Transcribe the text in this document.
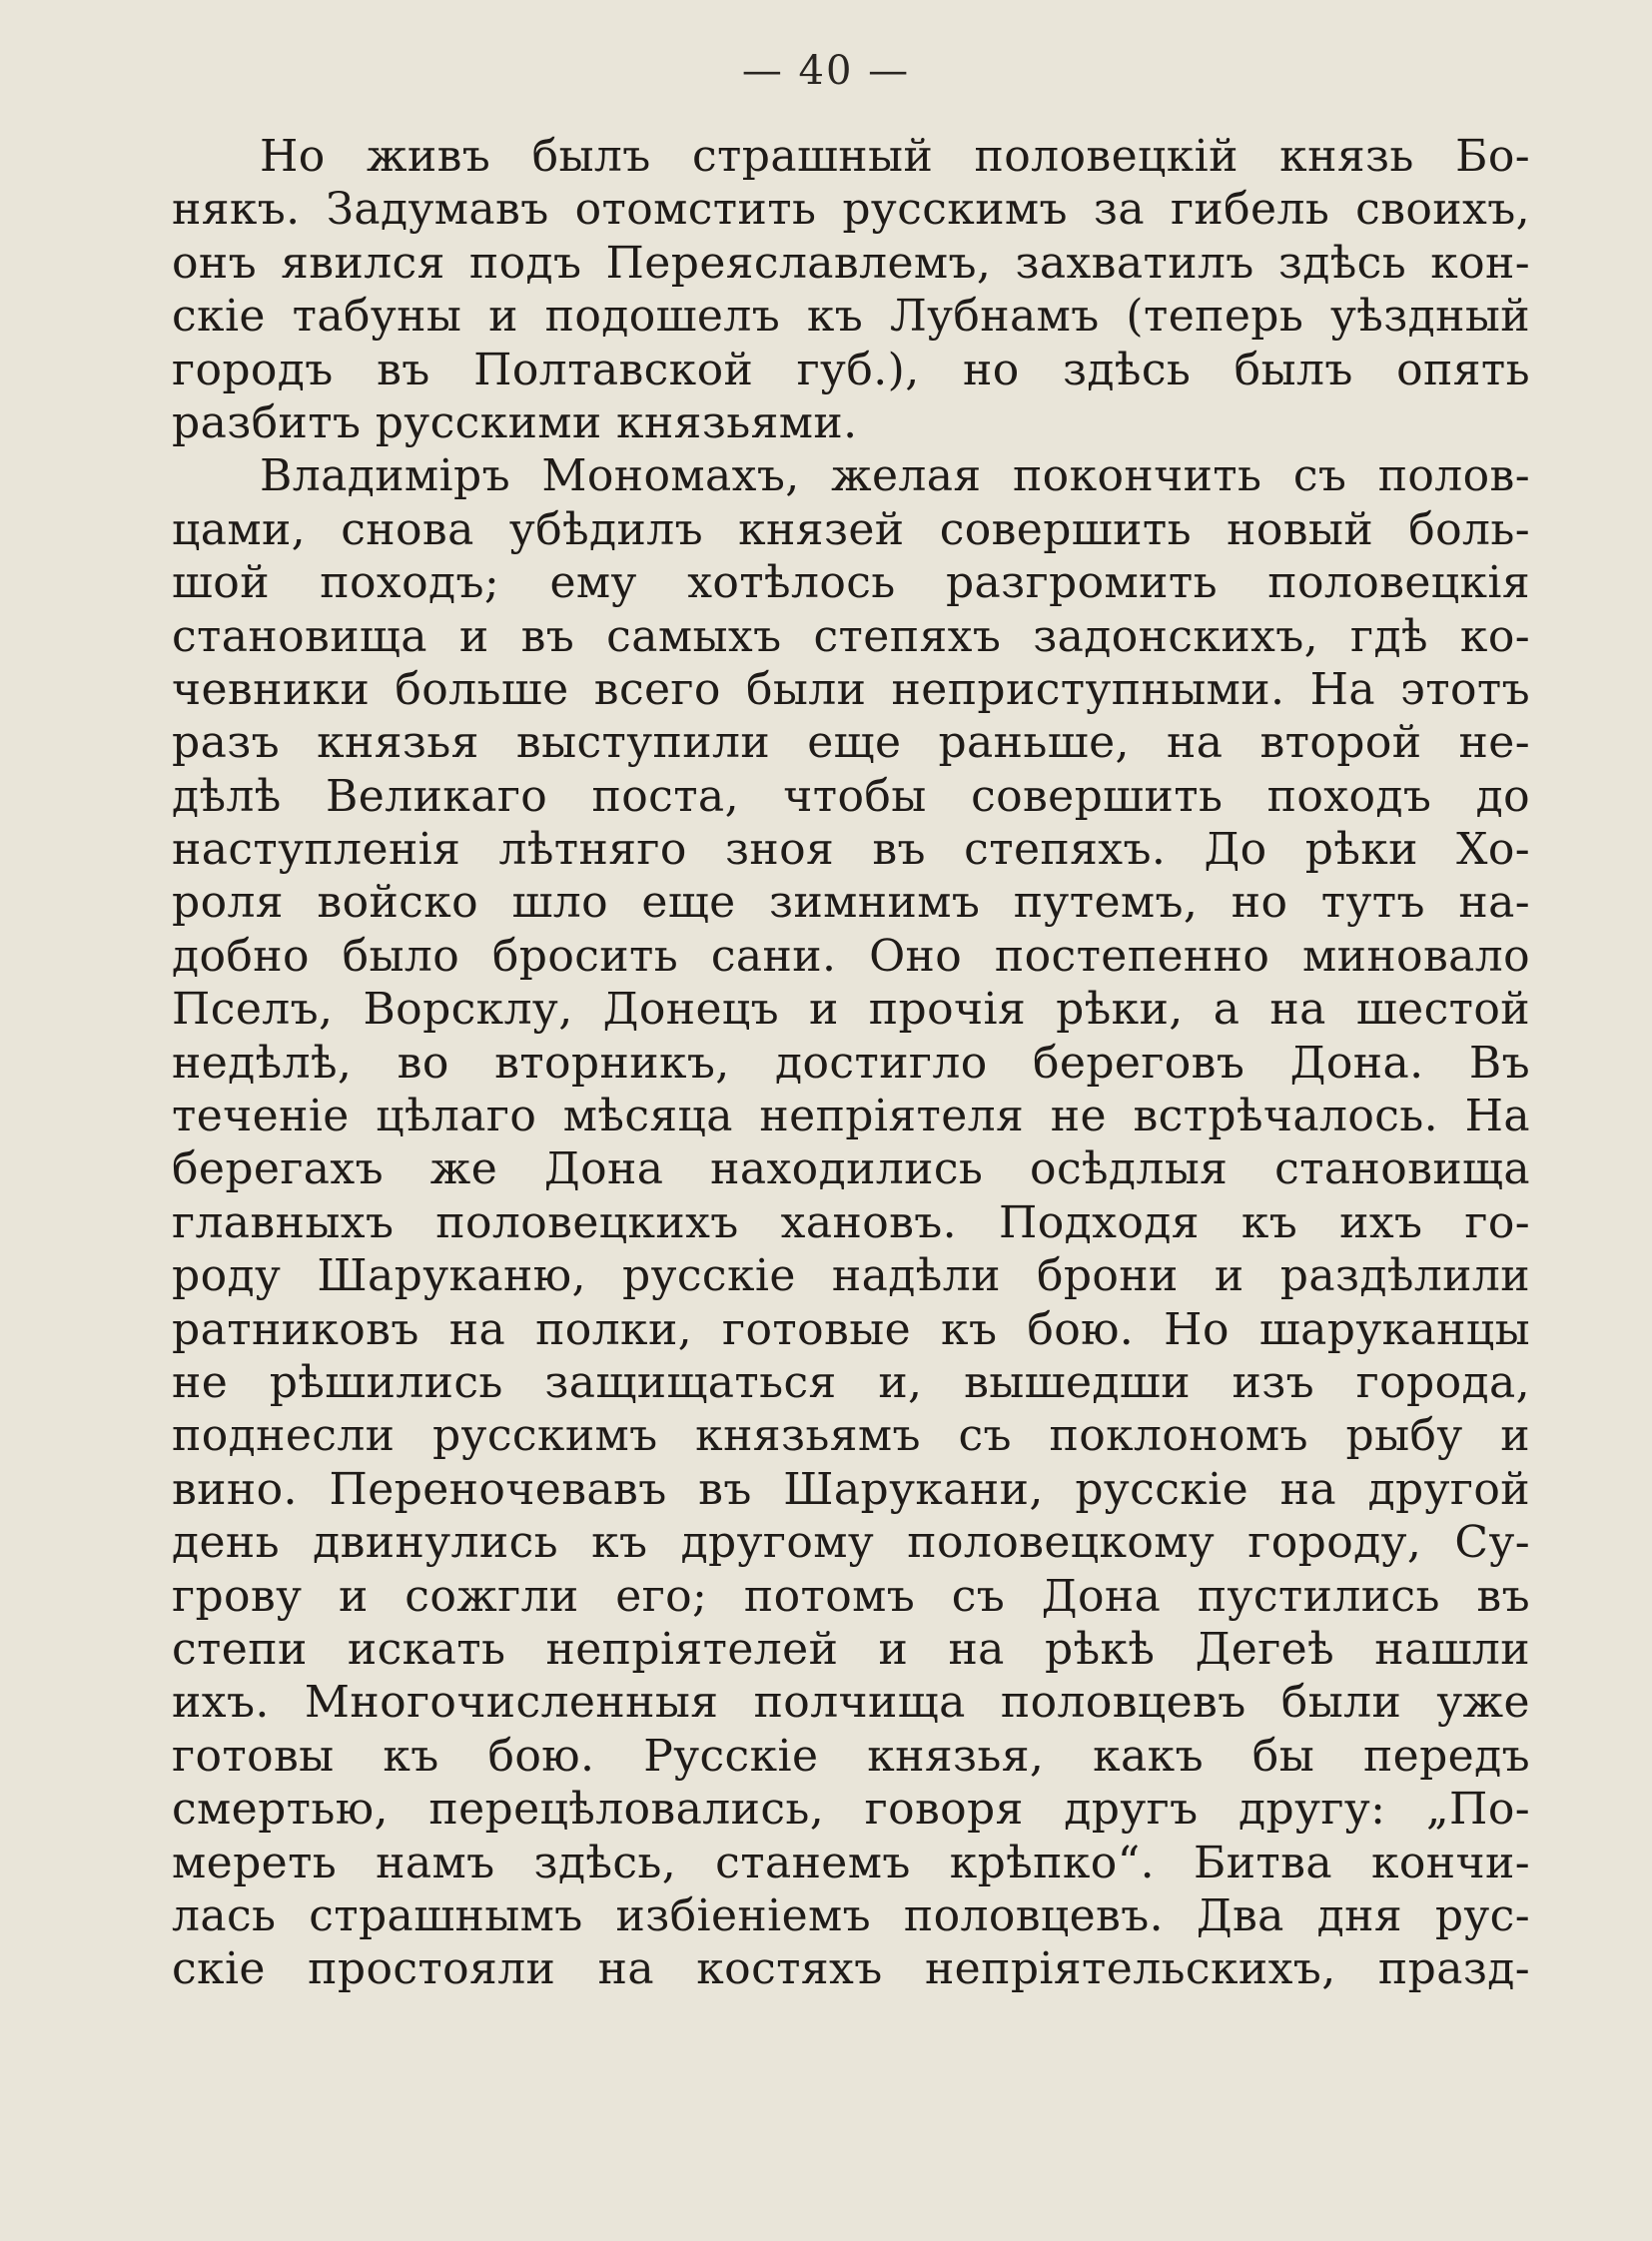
— 40 —
Но живъ былъ страшный половецкій князь Бо-
някъ. Задумавъ отомстить русскимъ за гибель своихъ,
онъ явился подъ Переяславлемъ, захватилъ здѣсь кон-
скіе табуны и подошелъ къ Лубнамъ (теперь уѣздный
городъ въ Полтавской губ.), но здѣсь былъ опять
разбитъ русскими князьями.
Владиміръ Мономахъ, желая покончить съ полов-
цами, снова убѣдилъ князей совершить новый боль-
шой походъ; ему хотѣлось разгромить половецкія
становища и въ самыхъ степяхъ задонскихъ, гдѣ ко-
чевники больше всего были неприступными. На этотъ
разъ князья выступили еще раньше, на второй не-
дѣлѣ Великаго поста, чтобы совершить походъ до
наступленія лѣтняго зноя въ степяхъ. До рѣки Хо-
роля войско шло еще зимнимъ путемъ, но тутъ на-
добно было бросить сани. Оно постепенно миновало
Пселъ, Ворсклу, Донецъ и прочія рѣки, а на шестой
недѣлѣ, во вторникъ, достигло береговъ Дона. Въ
теченіе цѣлаго мѣсяца непріятеля не встрѣчалось. На
берегахъ же Дона находились осѣдлыя становища
главныхъ половецкихъ хановъ. Подходя къ ихъ го-
роду Шаруканю, русскіе надѣли брони и раздѣлили
ратниковъ на полки, готовые къ бою. Но шаруканцы
не рѣшились защищаться и, вышедши изъ города,
поднесли русскимъ князьямъ съ поклономъ рыбу и
вино. Переночевавъ въ Шарукани, русскіе на другой
день двинулись къ другому половецкому городу, Су-
грову и сожгли его; потомъ съ Дона пустились въ
степи искать непріятелей и на рѣкѣ Дегеѣ нашли
ихъ. Многочисленныя полчища половцевъ были уже
готовы къ бою. Русскіе князья, какъ бы передъ
смертью, перецѣловались, говоря другъ другу: „По-
мереть намъ здѣсь, станемъ крѣпко“. Битва кончи-
лась страшнымъ избіеніемъ половцевъ. Два дня рус-
скіе простояли на костяхъ непріятельскихъ, празд-
